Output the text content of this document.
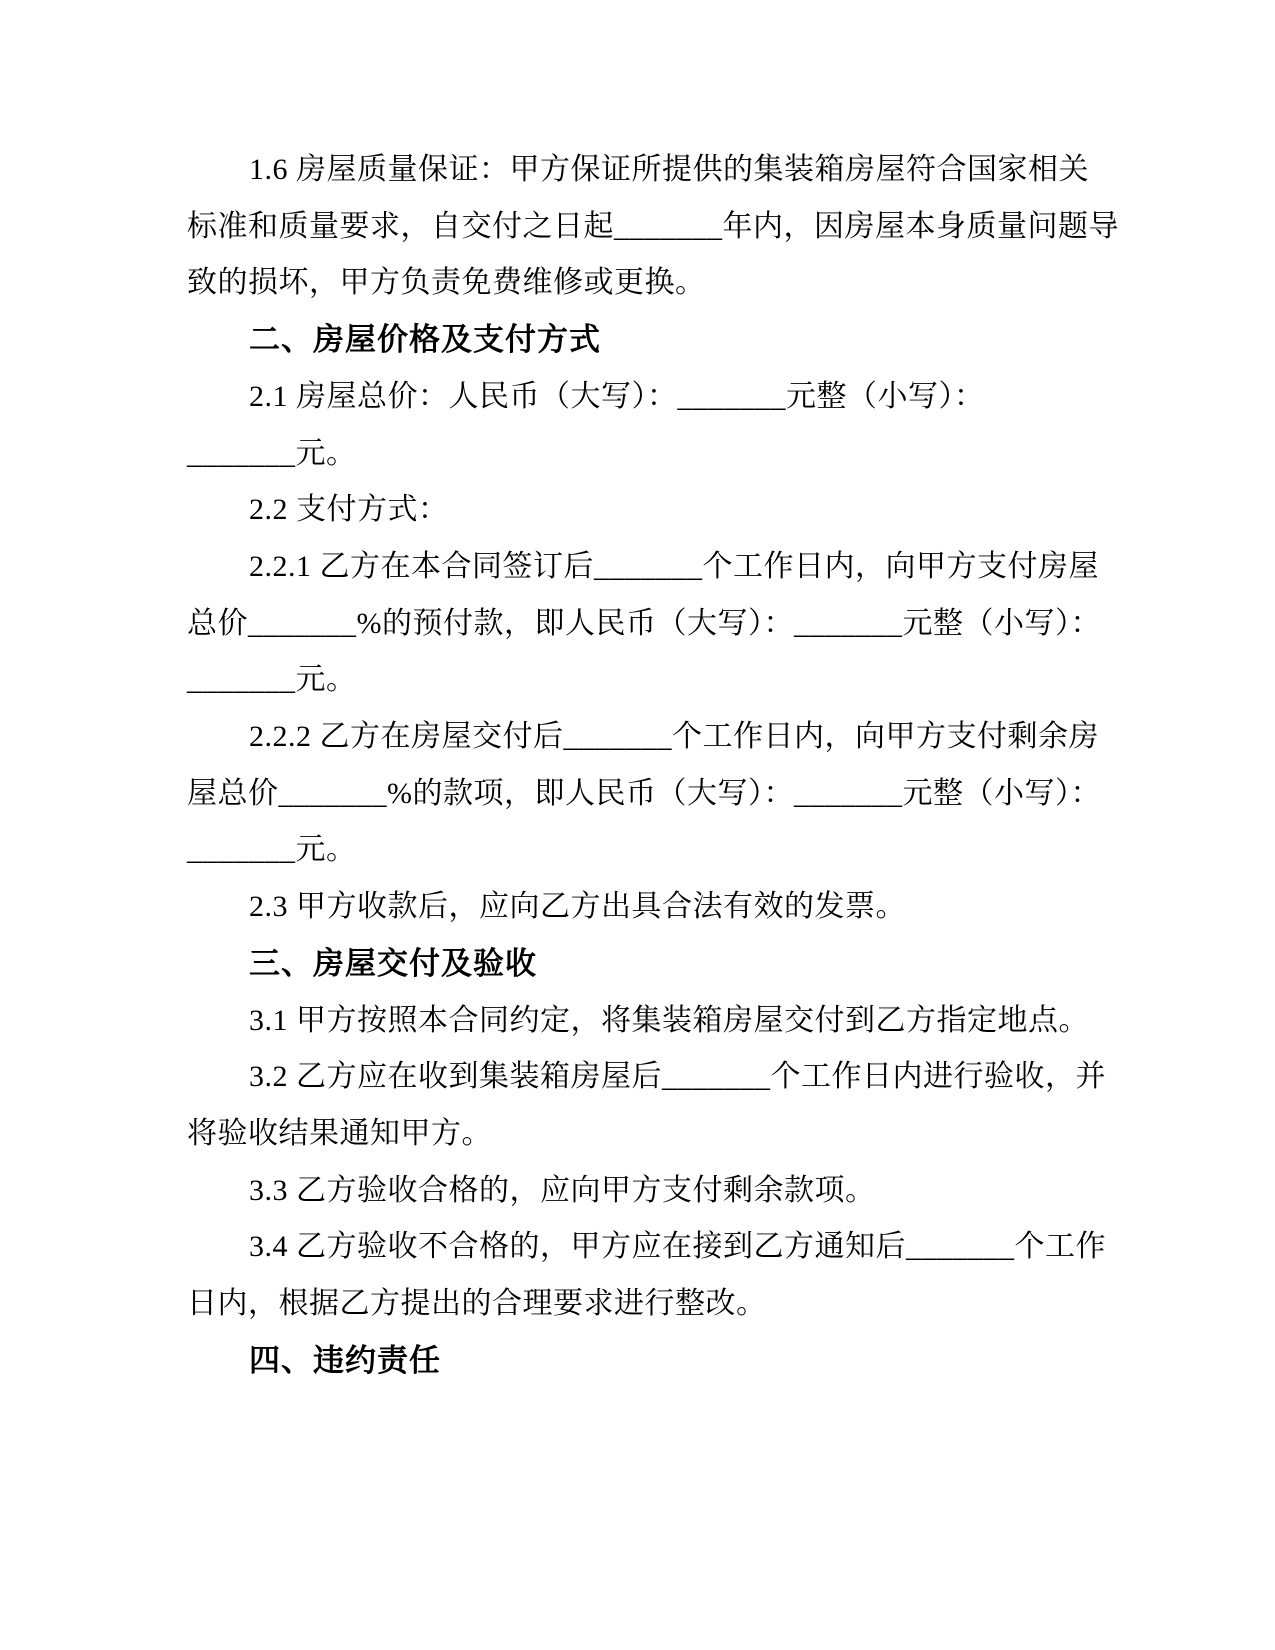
1.6 房屋质量保证：甲方保证所提供的集装箱房屋符合国家相关
标准和质量要求，自交付之日起_______年内，因房屋本身质量问题导
致的损坏，甲方负责免费维修或更换。
二、房屋价格及支付方式
2.1 房屋总价：人民币（大写）：_______元整（小写）：
_______元。
2.2 支付方式：
2.2.1 乙方在本合同签订后_______个工作日内，向甲方支付房屋
总价_______%的预付款，即人民币（大写）：_______元整（小写）：
_______元。
2.2.2 乙方在房屋交付后_______个工作日内，向甲方支付剩余房
屋总价_______%的款项，即人民币（大写）：_______元整（小写）：
_______元。
2.3 甲方收款后，应向乙方出具合法有效的发票。
三、房屋交付及验收
3.1 甲方按照本合同约定，将集装箱房屋交付到乙方指定地点。
3.2 乙方应在收到集装箱房屋后_______个工作日内进行验收，并
将验收结果通知甲方。
3.3 乙方验收合格的，应向甲方支付剩余款项。
3.4 乙方验收不合格的，甲方应在接到乙方通知后_______个工作
日内，根据乙方提出的合理要求进行整改。
四、违约责任
